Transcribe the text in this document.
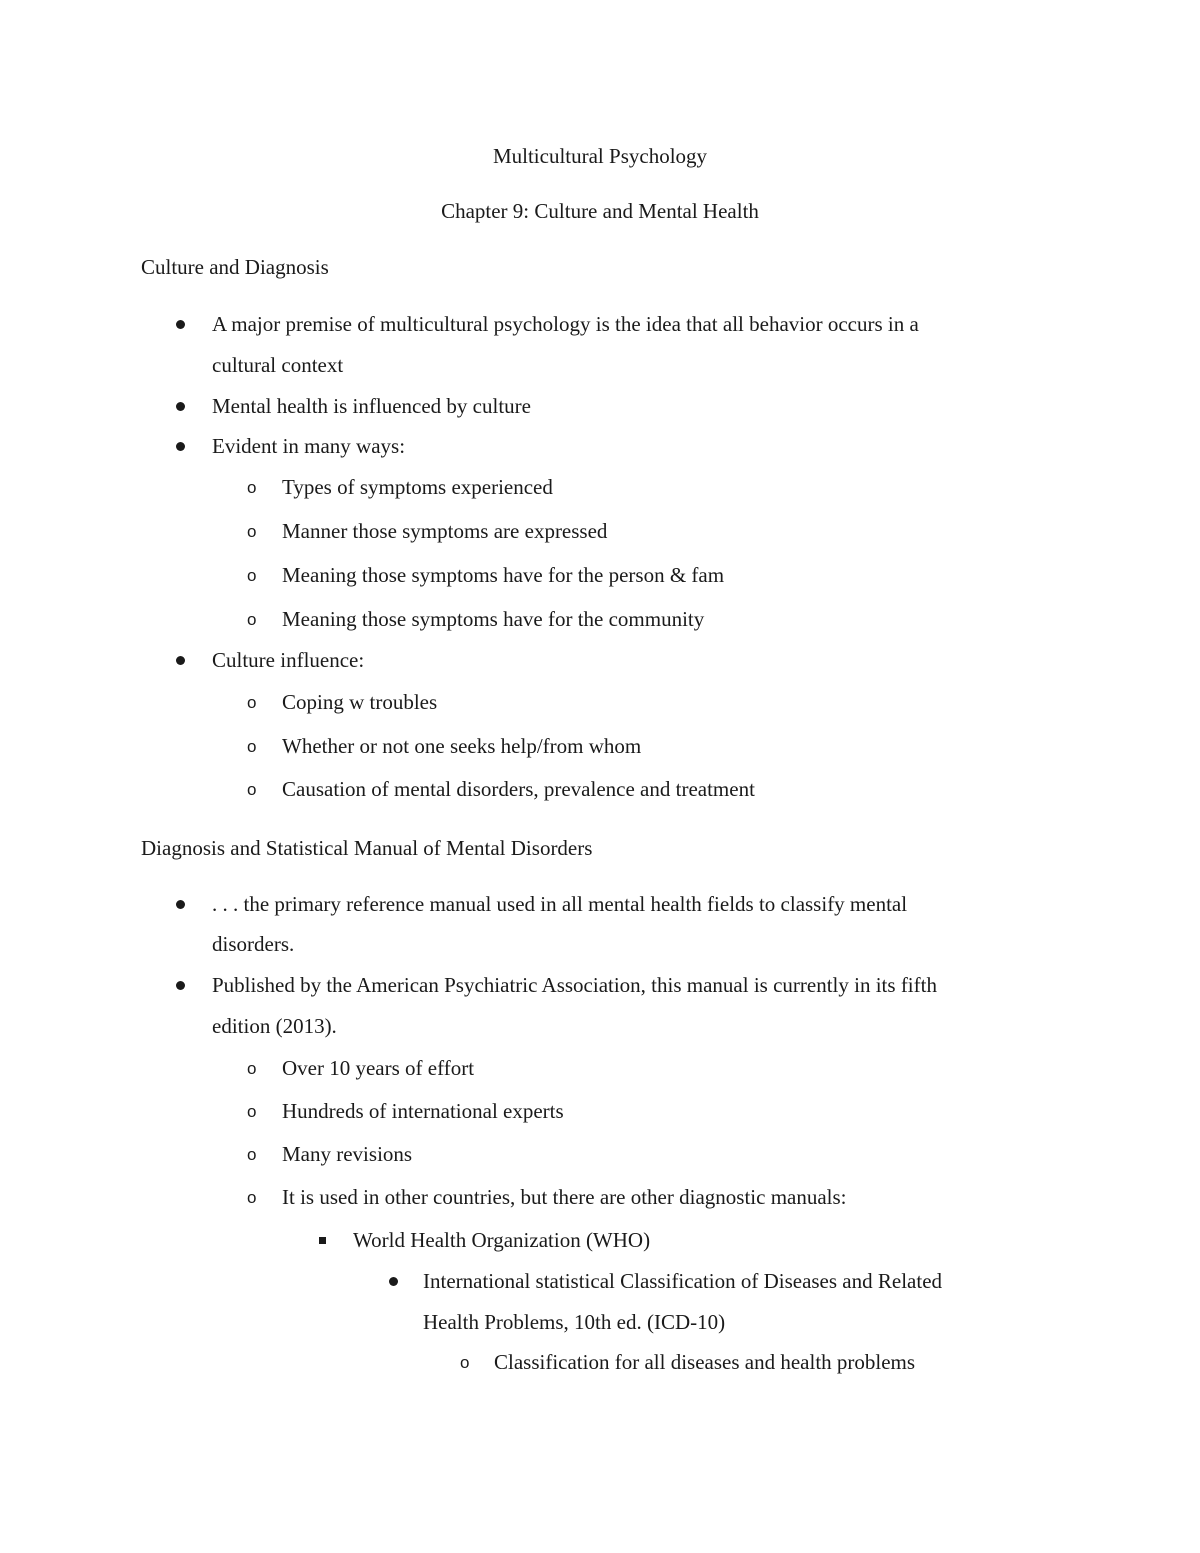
Multicultural Psychology
Chapter 9: Culture and Mental Health
Culture and Diagnosis
A major premise of multicultural psychology is the idea that all behavior occurs in a
cultural context
Mental health is influenced by culture
Evident in many ways:
o Types of symptoms experienced
o Manner those symptoms are expressed
o Meaning those symptoms have for the person & fam
o Meaning those symptoms have for the community
Culture influence:
o Coping w troubles
o Whether or not one seeks help/from whom
o Causation of mental disorders, prevalence and treatment
Diagnosis and Statistical Manual of Mental Disorders
. . . the primary reference manual used in all mental health fields to classify mental
disorders.
Published by the American Psychiatric Association, this manual is currently in its fifth
edition (2013).
o Over 10 years of effort
o Hundreds of international experts
o Many revisions
o It is used in other countries, but there are other diagnostic manuals:
World Health Organization (WHO)
International statistical Classification of Diseases and Related
Health Problems, 10th ed. (ICD-10)
o Classification for all diseases and health problems
